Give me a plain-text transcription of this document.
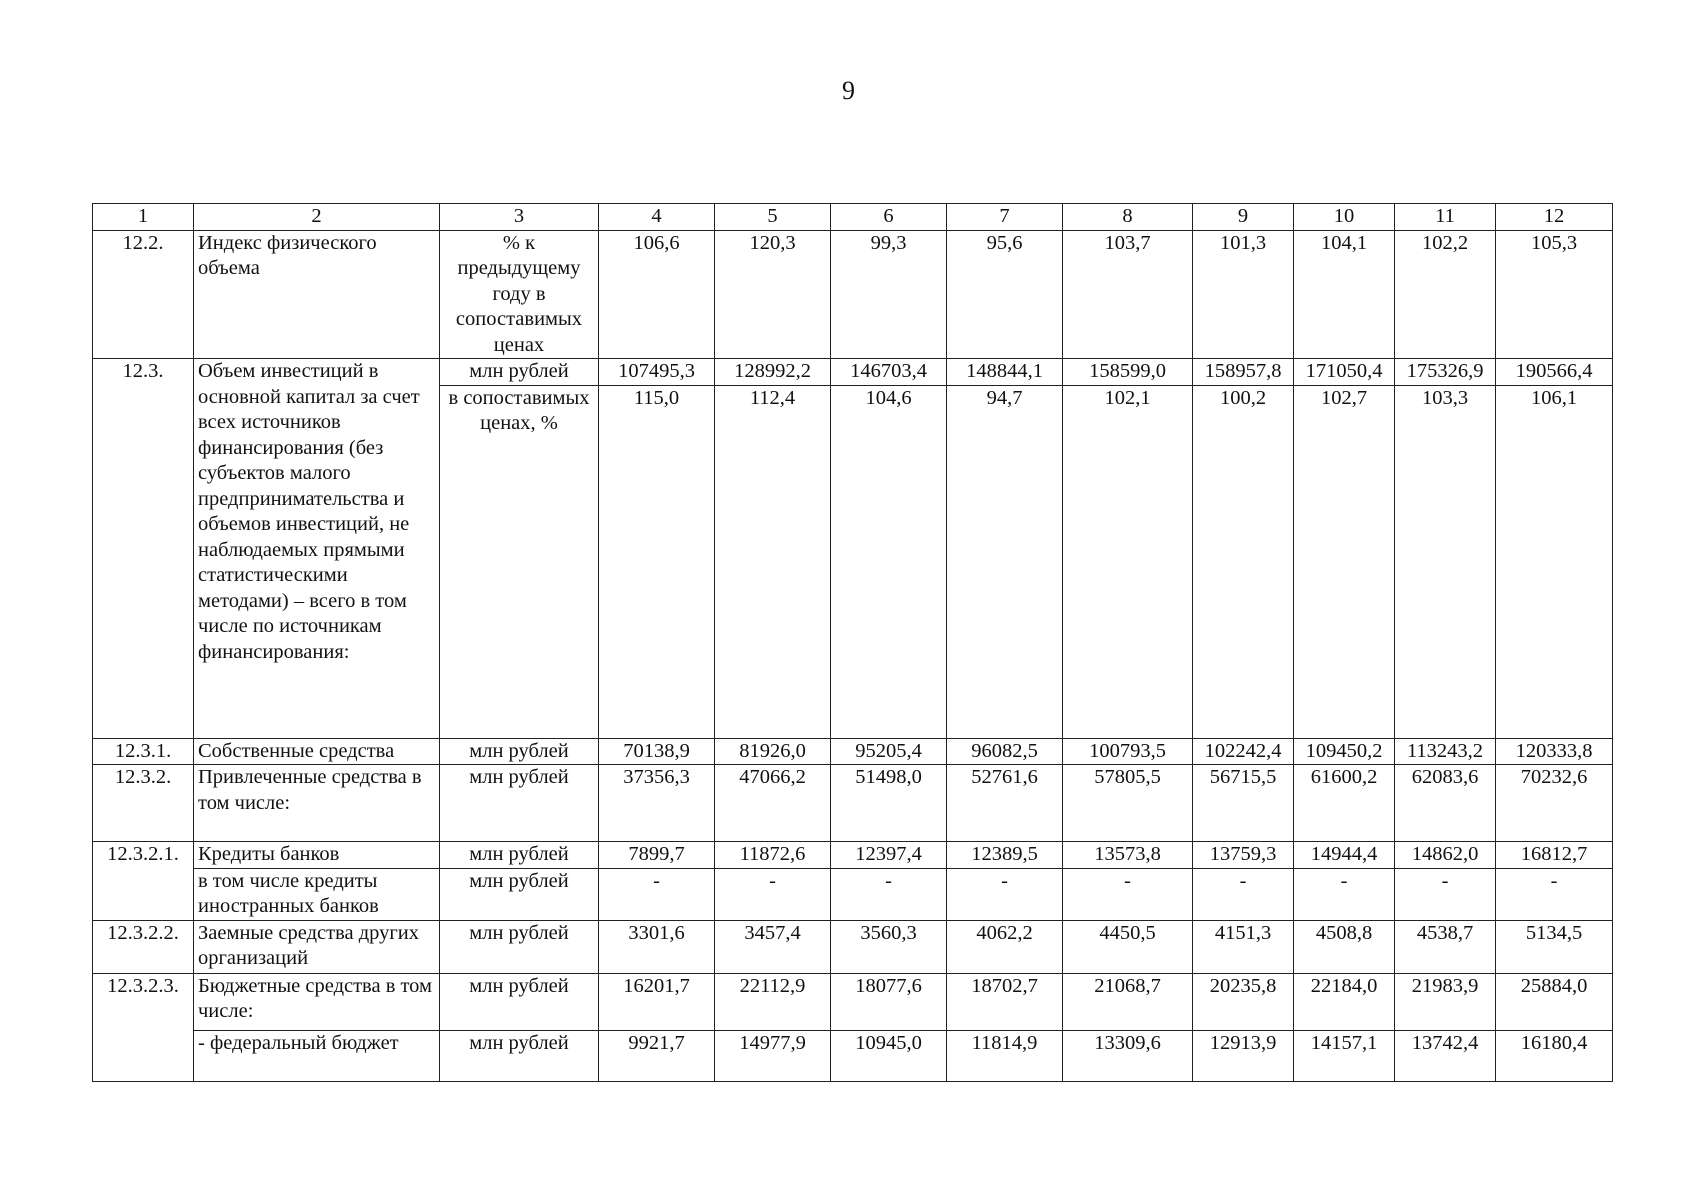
9
1	2	3	4	5	6	7	8	9	10	11	12
12.2.	Индекс физического объема	% к предыдущему году в сопоставимых ценах	106,6	120,3	99,3	95,6	103,7	101,3	104,1	102,2	105,3
12.3.	Объем инвестиций в основной капитал за счет всех источников финансирования (без субъектов малого предпринимательства и объемов инвестиций, не наблюдаемых прямыми статистическими методами) – всего в том числе по источникам финансирования:	млн рублей	107495,3	128992,2	146703,4	148844,1	158599,0	158957,8	171050,4	175326,9	190566,4
		в сопоставимых ценах, %	115,0	112,4	104,6	94,7	102,1	100,2	102,7	103,3	106,1
12.3.1.	Собственные средства	млн рублей	70138,9	81926,0	95205,4	96082,5	100793,5	102242,4	109450,2	113243,2	120333,8
12.3.2.	Привлеченные средства в том числе:	млн рублей	37356,3	47066,2	51498,0	52761,6	57805,5	56715,5	61600,2	62083,6	70232,6
12.3.2.1.	Кредиты банков	млн рублей	7899,7	11872,6	12397,4	12389,5	13573,8	13759,3	14944,4	14862,0	16812,7
	в том числе кредиты иностранных банков	млн рублей	-	-	-	-	-	-	-	-	-
12.3.2.2.	Заемные средства других организаций	млн рублей	3301,6	3457,4	3560,3	4062,2	4450,5	4151,3	4508,8	4538,7	5134,5
12.3.2.3.	Бюджетные средства в том числе:	млн рублей	16201,7	22112,9	18077,6	18702,7	21068,7	20235,8	22184,0	21983,9	25884,0
	- федеральный бюджет	млн рублей	9921,7	14977,9	10945,0	11814,9	13309,6	12913,9	14157,1	13742,4	16180,4
